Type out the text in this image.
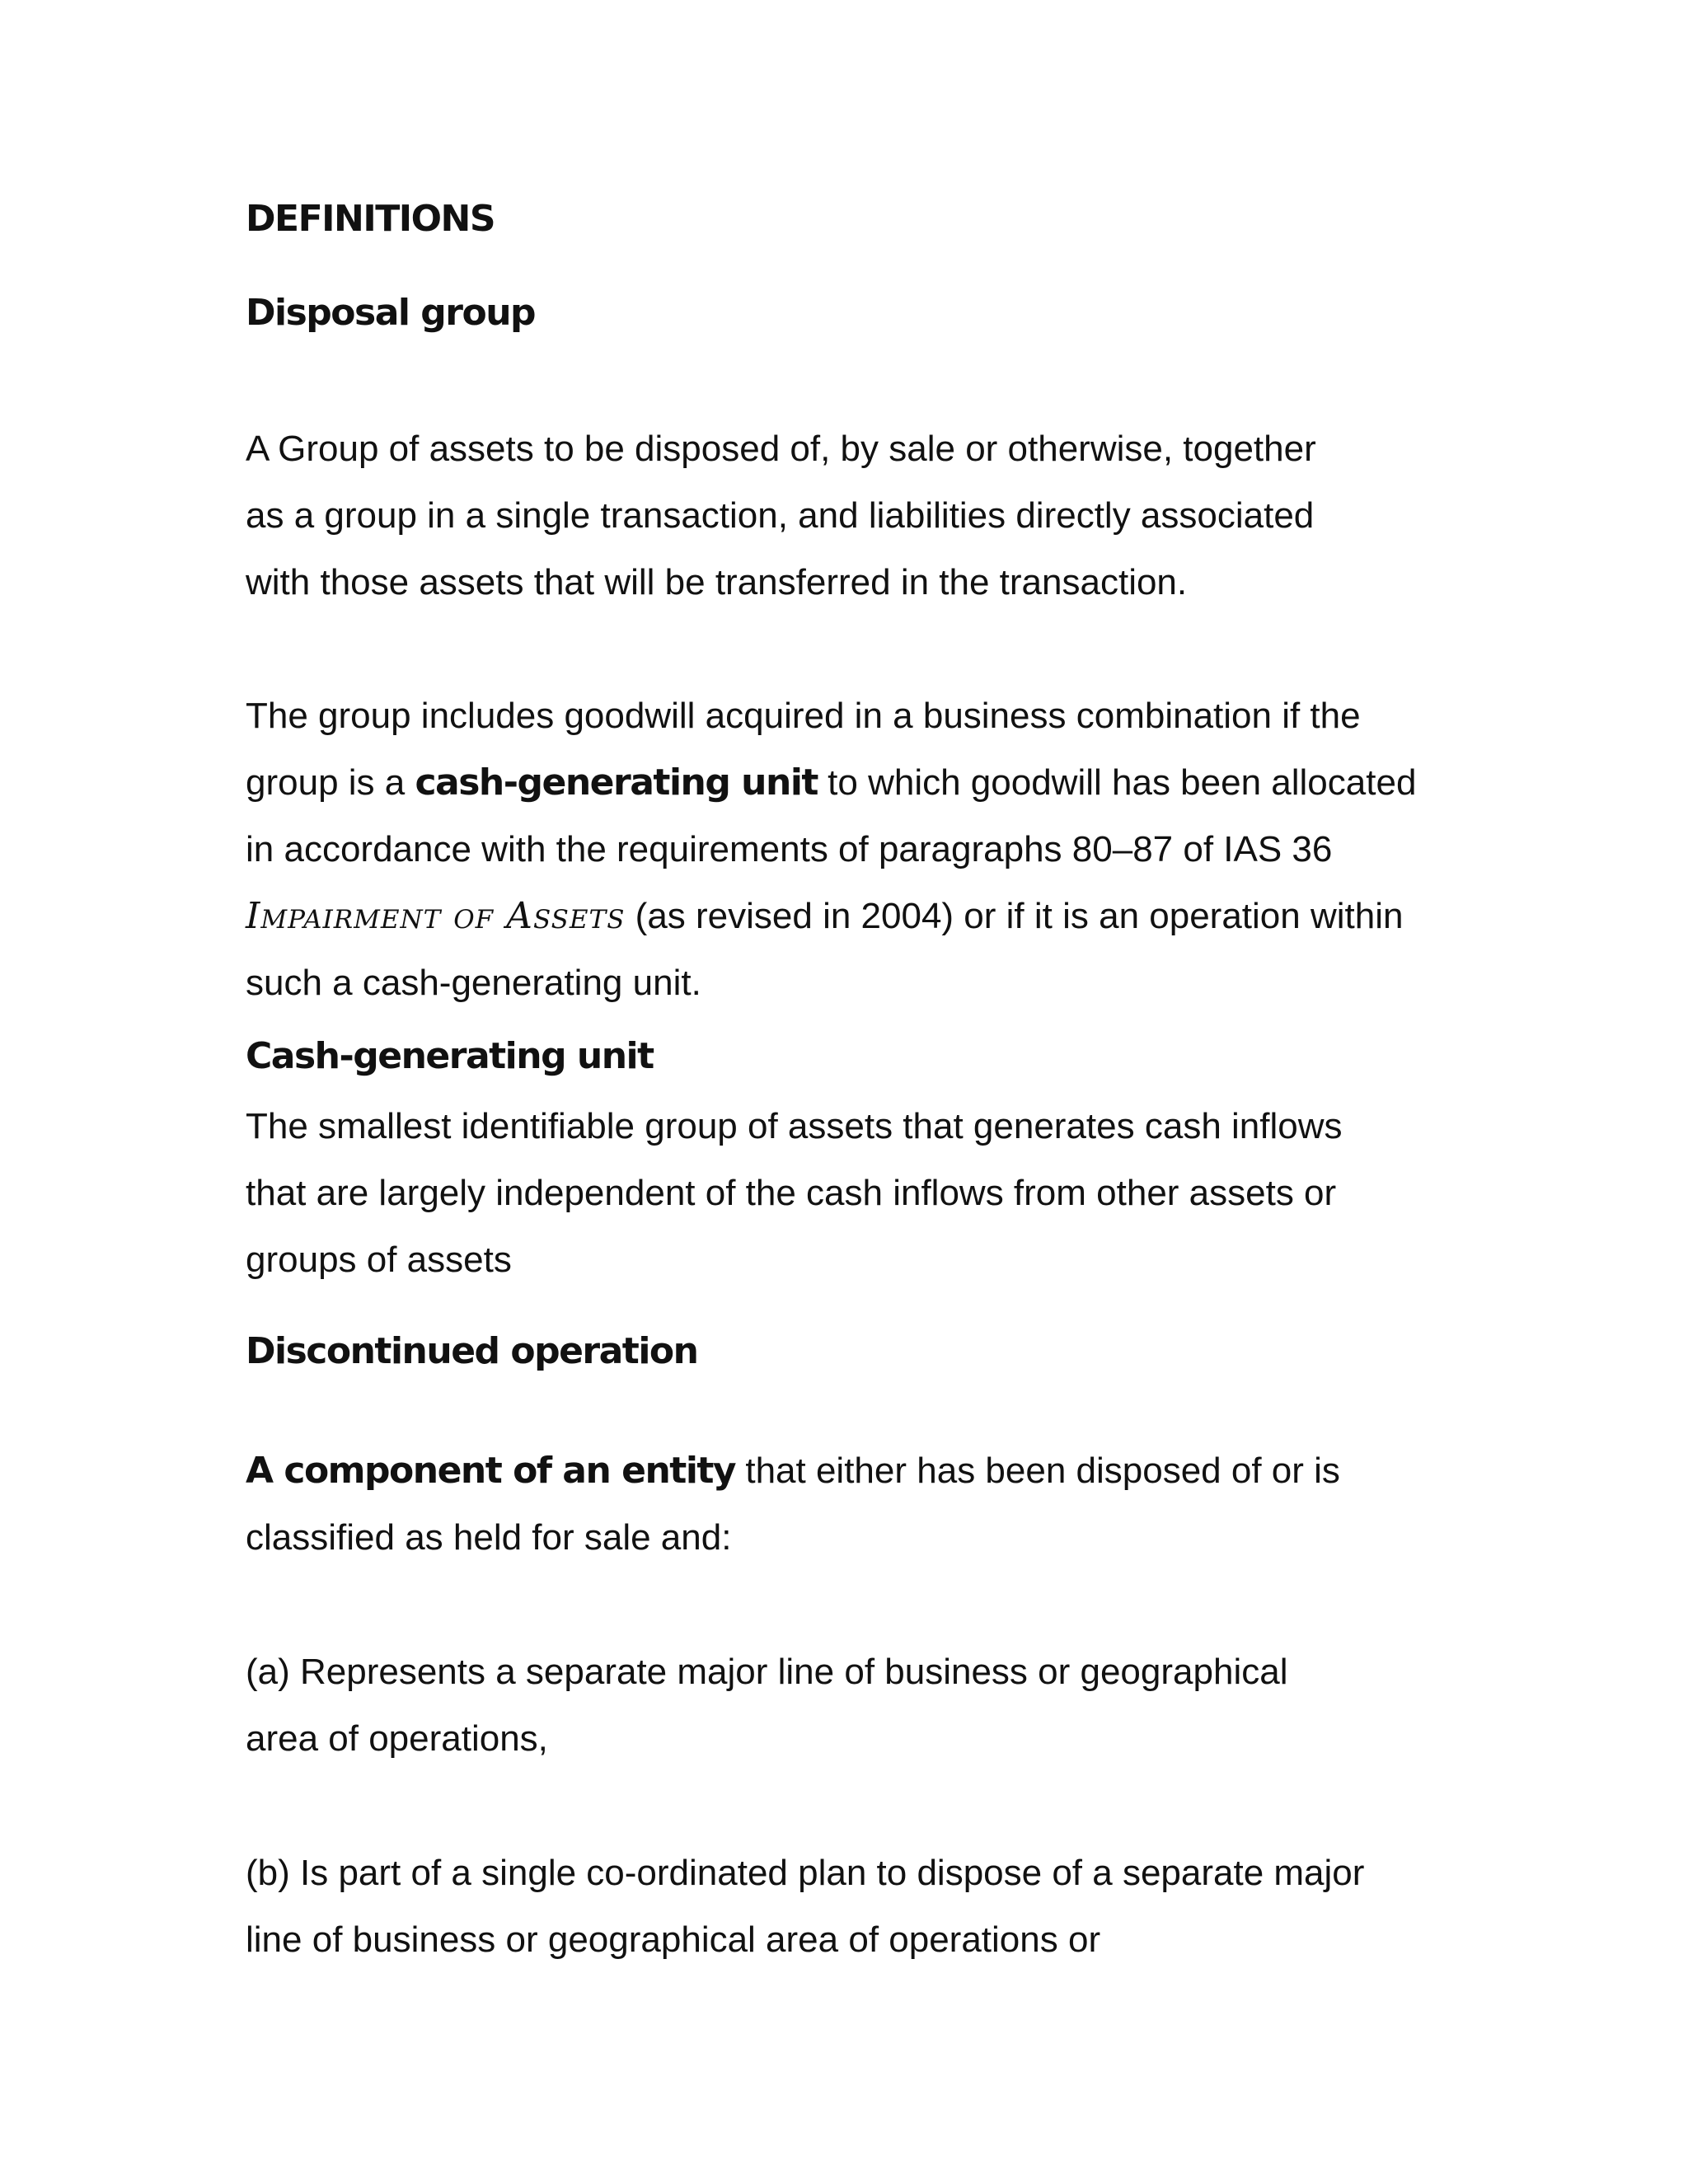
DEFINITIONS
Disposal group

A Group of assets to be disposed of, by sale or otherwise, together
as a group in a single transaction, and liabilities directly associated
with those assets that will be transferred in the transaction.

The group includes goodwill acquired in a business combination if the
group is a cash-generating unit to which goodwill has been allocated
in accordance with the requirements of paragraphs 80–87 of IAS 36
Impairment of Assets (as revised in 2004) or if it is an operation within
such a cash-generating unit.

Cash-generating unit

The smallest identifiable group of assets that generates cash inflows
that are largely independent of the cash inflows from other assets or
groups of assets

Discontinued operation

A component of an entity that either has been disposed of or is
classified as held for sale and:

(a) Represents a separate major line of business or geographical
area of operations,

(b) Is part of a single co-ordinated plan to dispose of a separate major
line of business or geographical area of operations or
